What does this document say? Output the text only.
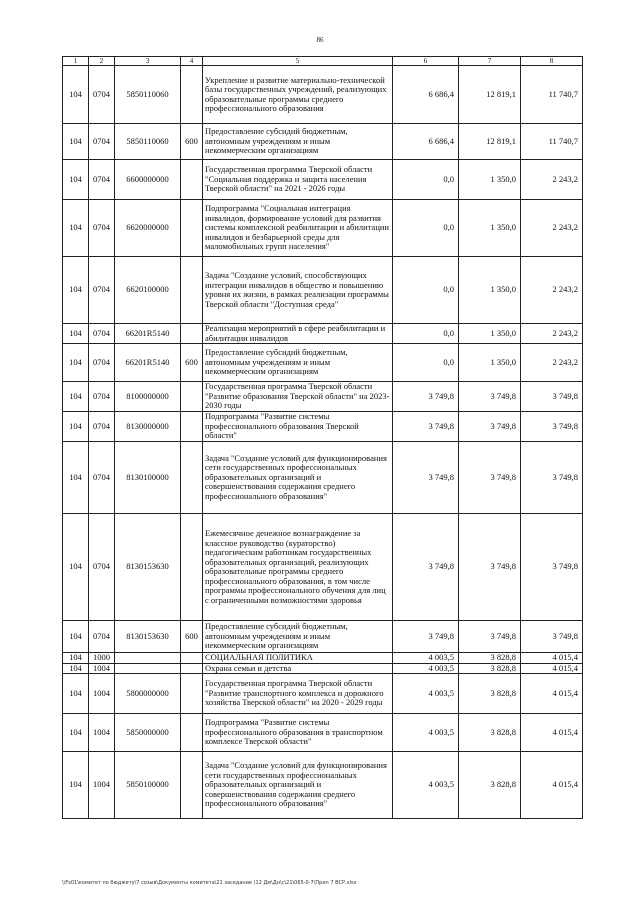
86
1	2	3	4	5	6	7	8
104	0704	5850110060		Укрепление и развитие материально-технической базы государственных учреждений, реализующих образовательные программы среднего профессионального образования	6 686,4	12 819,1	11 740,7
104	0704	5850110060	600	Предоставление субсидий бюджетным, автономным учреждениям и иным некоммерческим организациям	6 686,4	12 819,1	11 740,7
104	0704	6600000000		Государственная программа Тверской области "Социальная поддержка и защита населения Тверской области" на 2021 - 2026 годы	0,0	1 350,0	2 243,2
104	0704	6620000000		Подпрограмма "Социальная интеграция инвалидов, формирование условий для развития системы комплексной реабилитации и абилитации инвалидов и безбарьерной среды для маломобильных групп населения"	0,0	1 350,0	2 243,2
104	0704	6620100000		Задача "Создание условий, способствующих интеграции инвалидов в общество и повышению уровня их жизни, в рамках реализации программы Тверской области "Доступная среда"	0,0	1 350,0	2 243,2
104	0704	66201R5140		Реализация мероприятий в сфере реабилитации и абилитации инвалидов	0,0	1 350,0	2 243,2
104	0704	66201R5140	600	Предоставление субсидий бюджетным, автономным учреждениям и иным некоммерческим организациям	0,0	1 350,0	2 243,2
104	0704	8100000000		Государственная программа Тверской области "Развитие образования Тверской области" на 2023-2030 годы	3 749,8	3 749,8	3 749,8
104	0704	8130000000		Подпрограмма "Развитие системы профессионального образования Тверской области"	3 749,8	3 749,8	3 749,8
104	0704	8130100000		Задача "Создание условий для функционирования сети государственных профессиональных образовательных организаций и совершенствования содержания среднего профессионального образования"	3 749,8	3 749,8	3 749,8
104	0704	8130153630		Ежемесячное денежное вознаграждение за классное руководство (кураторство) педагогическим работникам государственных образовательных организаций, реализующих образовательные программы среднего профессионального образования, в том числе программы профессионального обучения для лиц с ограниченными возможностями здоровья	3 749,8	3 749,8	3 749,8
104	0704	8130153630	600	Предоставление субсидий бюджетным, автономным учреждениям и иным некоммерческим организациям	3 749,8	3 749,8	3 749,8
104	1000			СОЦИАЛЬНАЯ ПОЛИТИКА	4 003,5	3 828,8	4 015,4
104	1004			Охрана семьи и детства	4 003,5	3 828,8	4 015,4
104	1004	5800000000		Государственная программа Тверской области "Развитие транспортного комплекса и дорожного хозяйства Тверской области" на 2020 - 2029 годы	4 003,5	3 828,8	4 015,4
104	1004	5850000000		Подпрограмма "Развитие системы профессионального образования в транспортном комплексе Тверской области"	4 003,5	3 828,8	4 015,4
104	1004	5850100000		Задача "Создание условий для функционирования сети государственных профессиональных образовательных организаций и совершенствования содержания среднего профессионального образования"	4 003,5	3 828,8	4 015,4
\\Fs01\комитет по бюджету\7 созыв\Документы комитета\21 заседание (12 Дм\Дн\с\21\065-0-7\Прил 7 ВСР.xlsx
